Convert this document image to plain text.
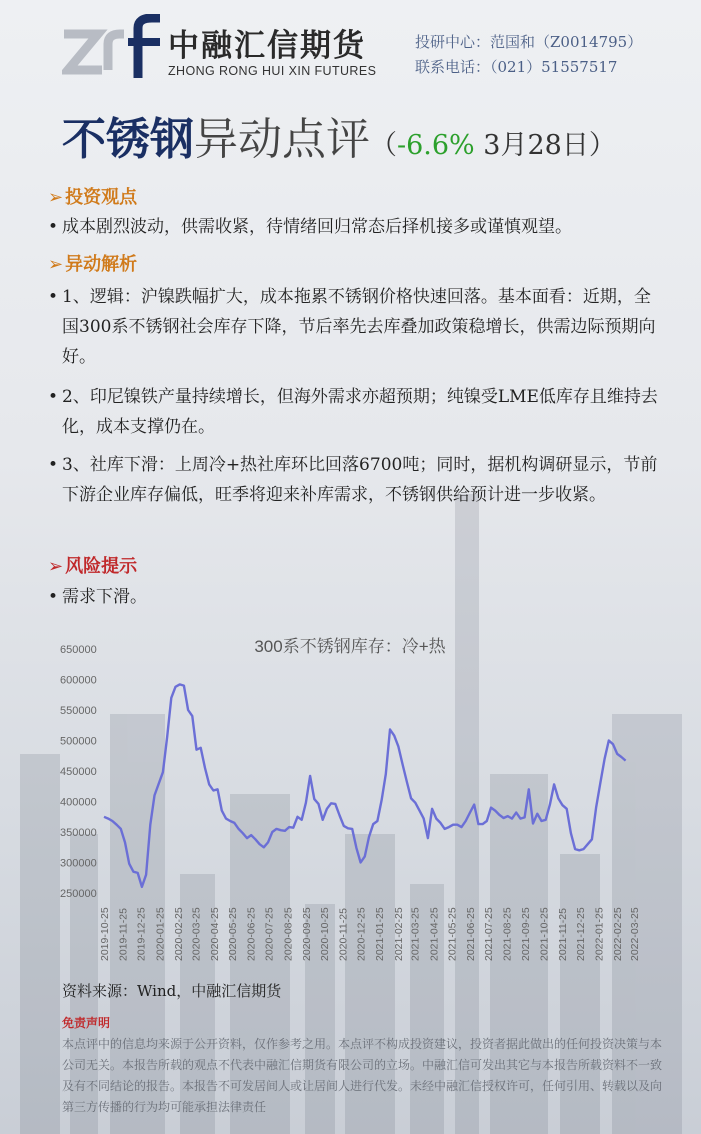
中融汇信期货
ZHONG RONG HUI XIN FUTURES
投研中心：范国和（Z0014795）
联系电话：（021）51557517
不锈钢异动点评（-6.6% 3月28日）
➢ 投资观点
• 成本剧烈波动，供需收紧，待情绪回归常态后择机接多或谨慎观望。
➢ 异动解析
• 1、逻辑：沪镍跌幅扩大，成本拖累不锈钢价格快速回落。基本面看：近期，全国300系不锈钢社会库存下降，节后率先去库叠加政策稳增长，供需边际预期向好。
• 2、印尼镍铁产量持续增长，但海外需求亦超预期；纯镍受LME低库存且维持去化，成本支撑仍在。
• 3、社库下滑：上周冷+热社库环比回落6700吨；同时，据机构调研显示，节前下游企业库存偏低，旺季将迎来补库需求，不锈钢供给预计进一步收紧。
➢ 风险提示
• 需求下滑。
300系不锈钢库存：冷+热
250000
300000
350000
400000
450000
500000
550000
600000
650000
2019-10-25 2019-11-25 2019-12-25 2020-01-25 2020-02-25 2020-03-25 2020-04-25 2020-05-25 2020-06-25 2020-07-25 2020-08-25 2020-09-25 2020-10-25 2020-11-25 2020-12-25 2021-01-25 2021-02-25 2021-03-25 2021-04-25 2021-05-25 2021-06-25 2021-07-25 2021-08-25 2021-09-25 2021-10-25 2021-11-25 2021-12-25 2022-01-25 2022-02-25 2022-03-25
资料来源：Wind，中融汇信期货
免责声明
本点评中的信息均来源于公开资料，仅作参考之用。本点评不构成投资建议，投资者据此做出的任何投资决策与本公司无关。本报告所载的观点不代表中融汇信期货有限公司的立场。中融汇信可发出其它与本报告所载资料不一致及有不同结论的报告。本报告不可发居间人或让居间人进行代发。未经中融汇信授权许可，任何引用、转载以及向第三方传播的行为均可能承担法律责任
